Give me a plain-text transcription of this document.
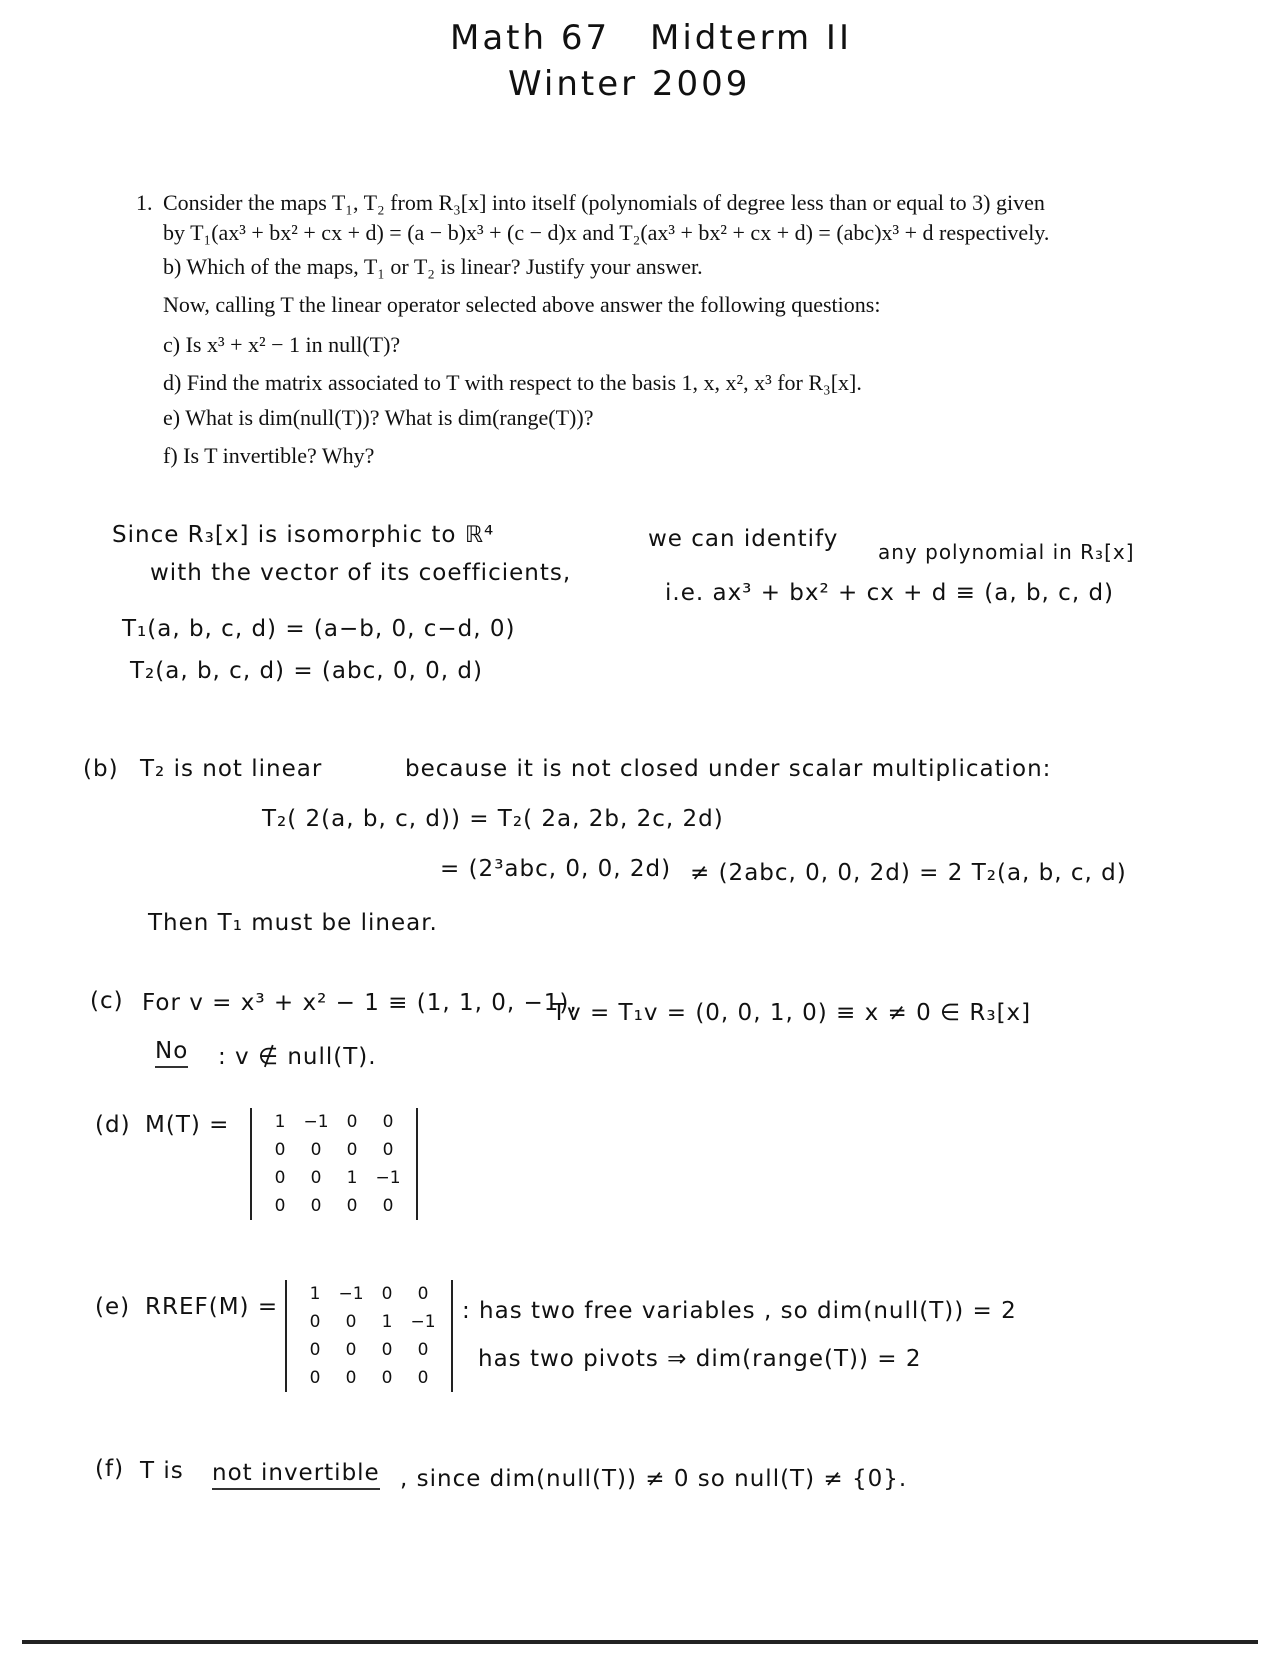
Math 67 Midterm II
Winter 2009
1. Consider the maps T₁, T₂ from R₃[x] into itself (polynomials of degree less than or equal to 3) given
by T₁(ax³ + bx² + cx + d) = (a − b)x³ + (c − d)x and T₂(ax³ + bx² + cx + d) = (abc)x³ + d respectively.
b) Which of the maps, T₁ or T₂ is linear? Justify your answer.
Now, calling T the linear operator selected above answer the following questions:
c) Is x³ + x² − 1 in null(T)?
d) Find the matrix associated to T with respect to the basis 1, x, x², x³ for R₃[x].
e) What is dim(null(T))? What is dim(range(T))?
f) Is T invertible? Why?
Since R₃[x] is isomorphic to ℝ⁴	we can identify any polynomial in R₃[x]
with the vector of its coefficients,
i.e. ax³ + bx² + cx + d ≡ (a, b, c, d)
T₁(a, b, c, d) = (a−b, 0, c−d, 0)
T₂(a, b, c, d) = (abc, 0, 0, d)
(b) T₂ is not linear	because it is not closed under scalar multiplication:
T₂( 2(a, b, c, d)) = T₂( 2a, 2b, 2c, 2d)
= (2³abc, 0, 0, 2d) ≠ (2abc, 0, 0, 2d) = 2 T₂(a, b, c, d)
Then T₁ must be linear.
(c) For v = x³ + x² − 1 ≡ (1, 1, 0, −1),
Tv = T₁v = (0, 0, 1, 0) ≡ x ≠ 0 ∈ R₃[x]
No : v ∉ null(T).
(d) M(T) =	1	−1	0	0
0	0	0	0
0	0	1	−1
0	0	0	0
(e) RREF(M) = 1	−1	0	0
0	0	1	−1
0	0	0	0
0	0	0	0
: has two free variables , so dim(null(T)) = 2
has two pivots ⇒ dim(range(T)) = 2
(f) T is not invertible , since dim(null(T)) ≠ 0 so null(T) ≠ {0}.
